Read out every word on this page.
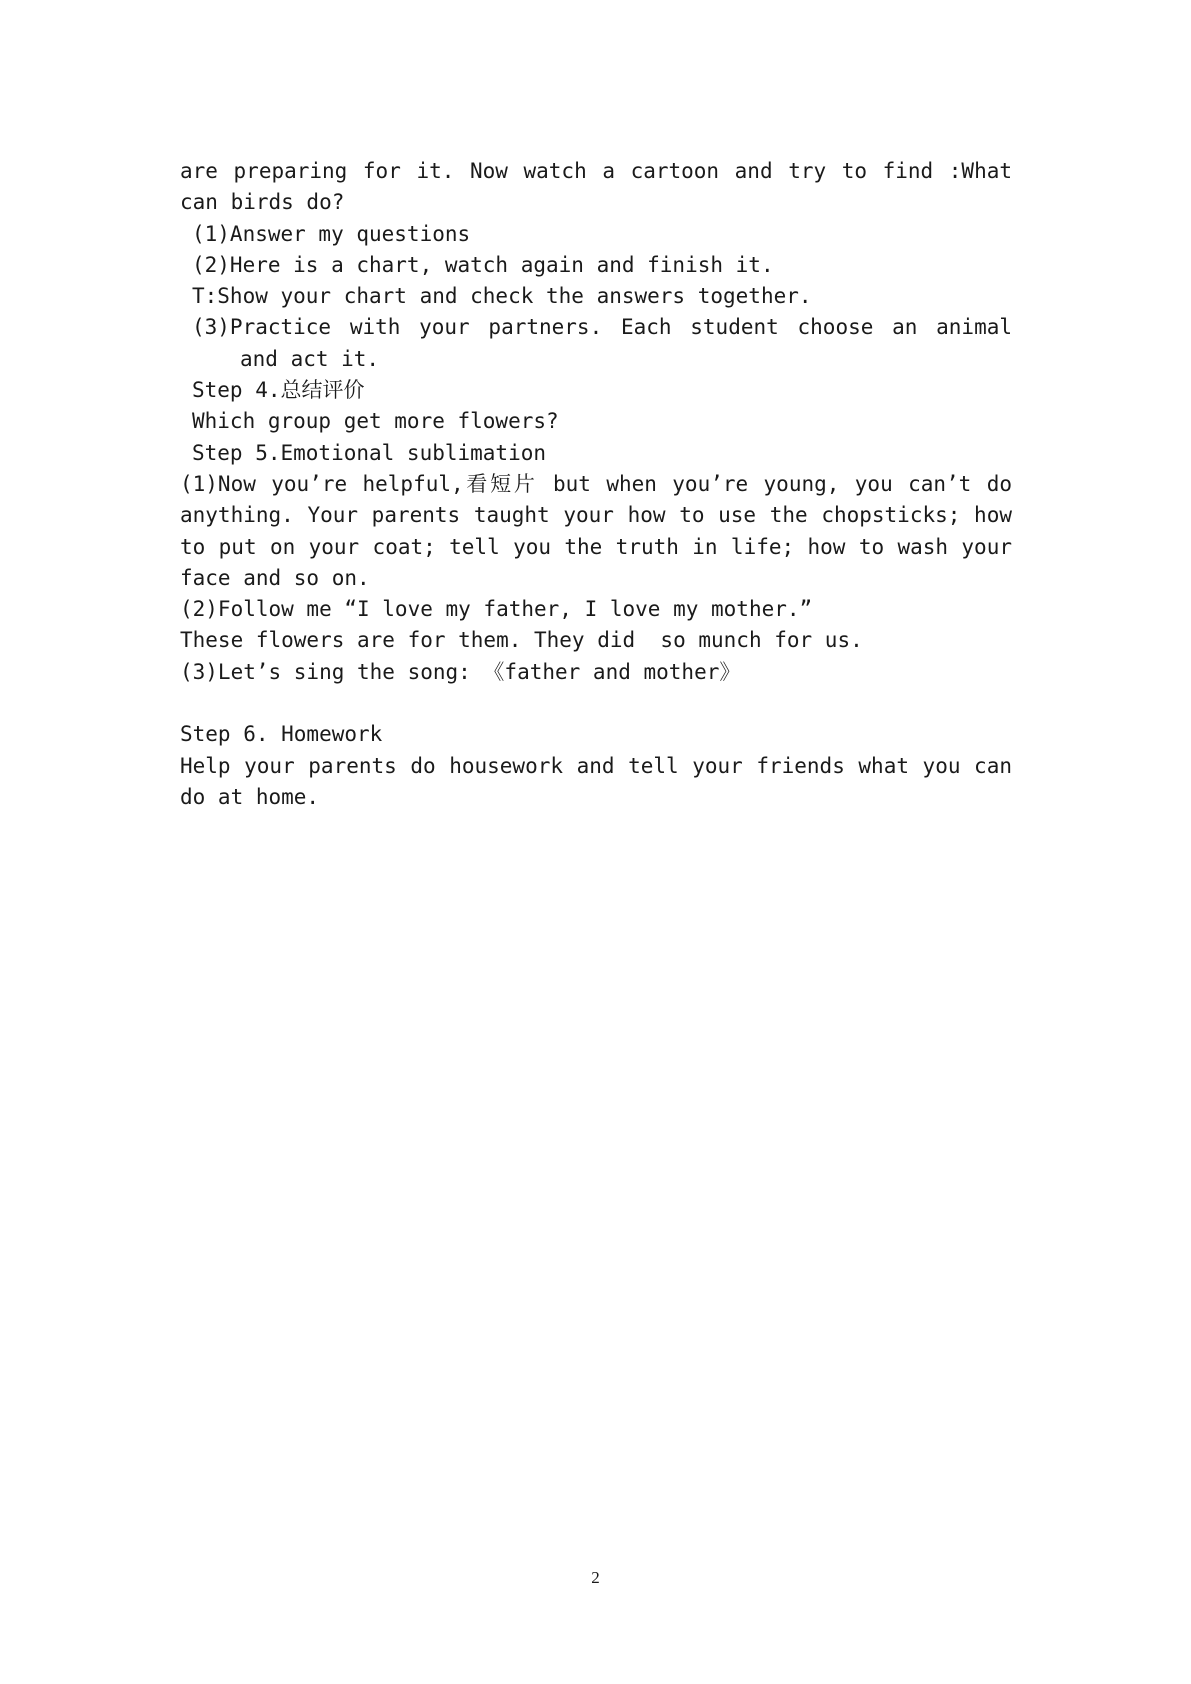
are preparing for it. Now watch a cartoon and try to find :What can birds do?

(1)Answer my questions

(2)Here is a chart, watch again and finish it.

T:Show your chart and check the answers together.

(3)Practice with your partners. Each student choose an animal and act it.

Step 4.总结评价

Which group get more flowers?

Step 5.Emotional sublimation

(1)Now you’re helpful,看短片 but when you’re young, you can’t do anything. Your parents taught your how to use the chopsticks; how to put on your coat; tell you the truth in life; how to wash your face and so on.

(2)Follow me “I love my father, I love my mother.”

These flowers are for them. They did  so munch for us.

(3)Let’s sing the song: 《father and mother》

Step 6. Homework

Help your parents do housework and tell your friends what you can do at home.

2
